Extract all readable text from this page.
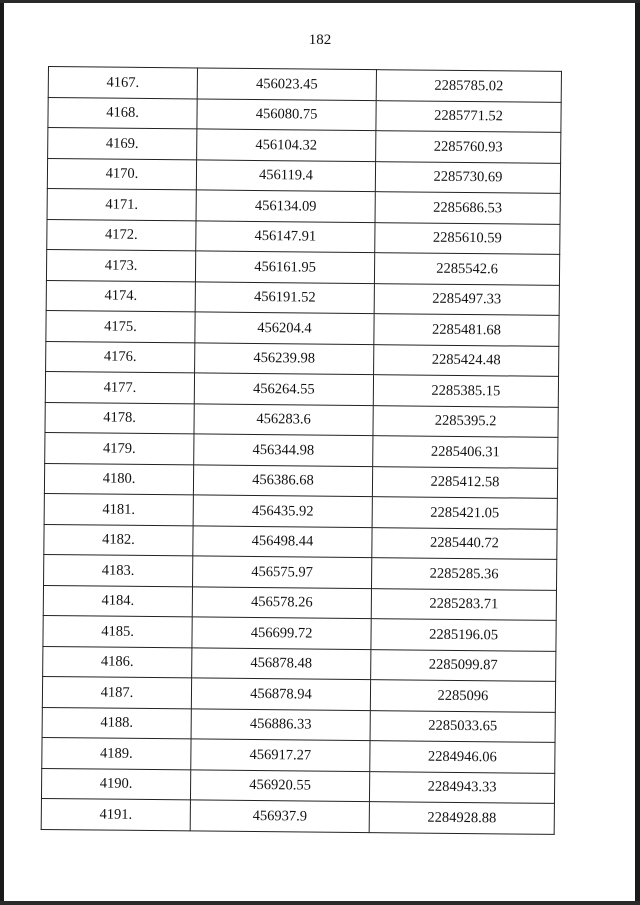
182
4167.	456023.45	2285785.02
4168.	456080.75	2285771.52
4169.	456104.32	2285760.93
4170.	456119.4	2285730.69
4171.	456134.09	2285686.53
4172.	456147.91	2285610.59
4173.	456161.95	2285542.6
4174.	456191.52	2285497.33
4175.	456204.4	2285481.68
4176.	456239.98	2285424.48
4177.	456264.55	2285385.15
4178.	456283.6	2285395.2
4179.	456344.98	2285406.31
4180.	456386.68	2285412.58
4181.	456435.92	2285421.05
4182.	456498.44	2285440.72
4183.	456575.97	2285285.36
4184.	456578.26	2285283.71
4185.	456699.72	2285196.05
4186.	456878.48	2285099.87
4187.	456878.94	2285096
4188.	456886.33	2285033.65
4189.	456917.27	2284946.06
4190.	456920.55	2284943.33
4191.	456937.9	2284928.88
